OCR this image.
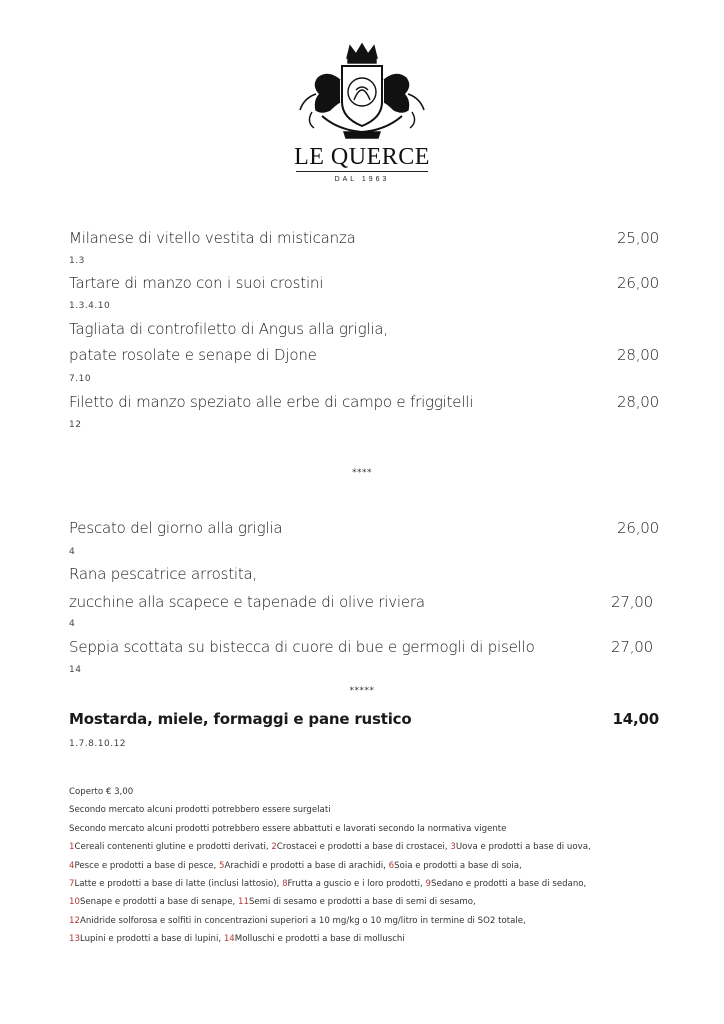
LE QUERCE
DAL 1963
Milanese di vitello vestita di misticanza	25,00
1.3
Tartare di manzo con i suoi crostini	26,00
1.3.4.10
Tagliata di controfiletto di Angus alla griglia,
patate rosolate e senape di Djone	28,00
7.10
Filetto di manzo speziato alle erbe di campo e friggitelli	28,00
12
****
Pescato del giorno alla griglia	26,00
4
Rana pescatrice arrostita,
zucchine alla scapece e tapenade di olive riviera	27,00
4
Seppia scottata su bistecca di cuore di bue e germogli di pisello	27,00
14
*****
Mostarda, miele, formaggi e pane rustico	14,00
1.7.8.10.12
Coperto € 3,00
Secondo mercato alcuni prodotti potrebbero essere surgelati
Secondo mercato alcuni prodotti potrebbero essere abbattuti e lavorati secondo la normativa vigente
1Cereali contenenti glutine e prodotti derivati, 2Crostacei e prodotti a base di crostacei, 3Uova e prodotti a base di uova,
4Pesce e prodotti a base di pesce, 5Arachidi e prodotti a base di arachidi, 6Soia e prodotti a base di soia,
7Latte e prodotti a base di latte (inclusi lattosio), 8Frutta a guscio e i loro prodotti, 9Sedano e prodotti a base di sedano,
10Senape e prodotti a base di senape, 11Semi di sesamo e prodotti a base di semi di sesamo,
12Anidride solforosa e solfiti in concentrazioni superiori a 10 mg/kg o 10 mg/litro in termine di SO2 totale,
13Lupini e prodotti a base di lupini, 14Molluschi e prodotti a base di molluschi
